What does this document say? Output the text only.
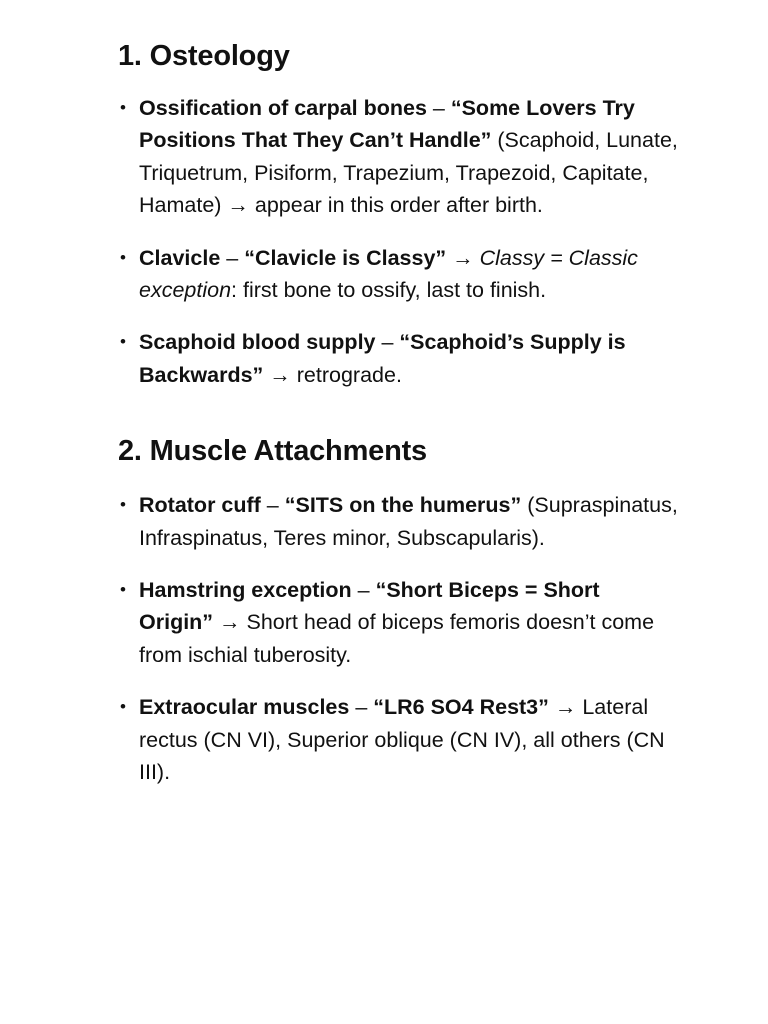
1. Osteology
• Ossification of carpal bones – “Some Lovers Try Positions That They Can’t Handle” (Scaphoid, Lunate, Triquetrum, Pisiform, Trapezium, Trapezoid, Capitate, Hamate) → appear in this order after birth.
• Clavicle – “Clavicle is Classy” → Classy = Classic exception: first bone to ossify, last to finish.
• Scaphoid blood supply – “Scaphoid’s Supply is Backwards” → retrograde.
2. Muscle Attachments
• Rotator cuff – “SITS on the humerus” (Supraspinatus, Infraspinatus, Teres minor, Subscapularis).
• Hamstring exception – “Short Biceps = Short Origin” → Short head of biceps femoris doesn’t come from ischial tuberosity.
• Extraocular muscles – “LR6 SO4 Rest3” → Lateral rectus (CN VI), Superior oblique (CN IV), all others (CN III).
